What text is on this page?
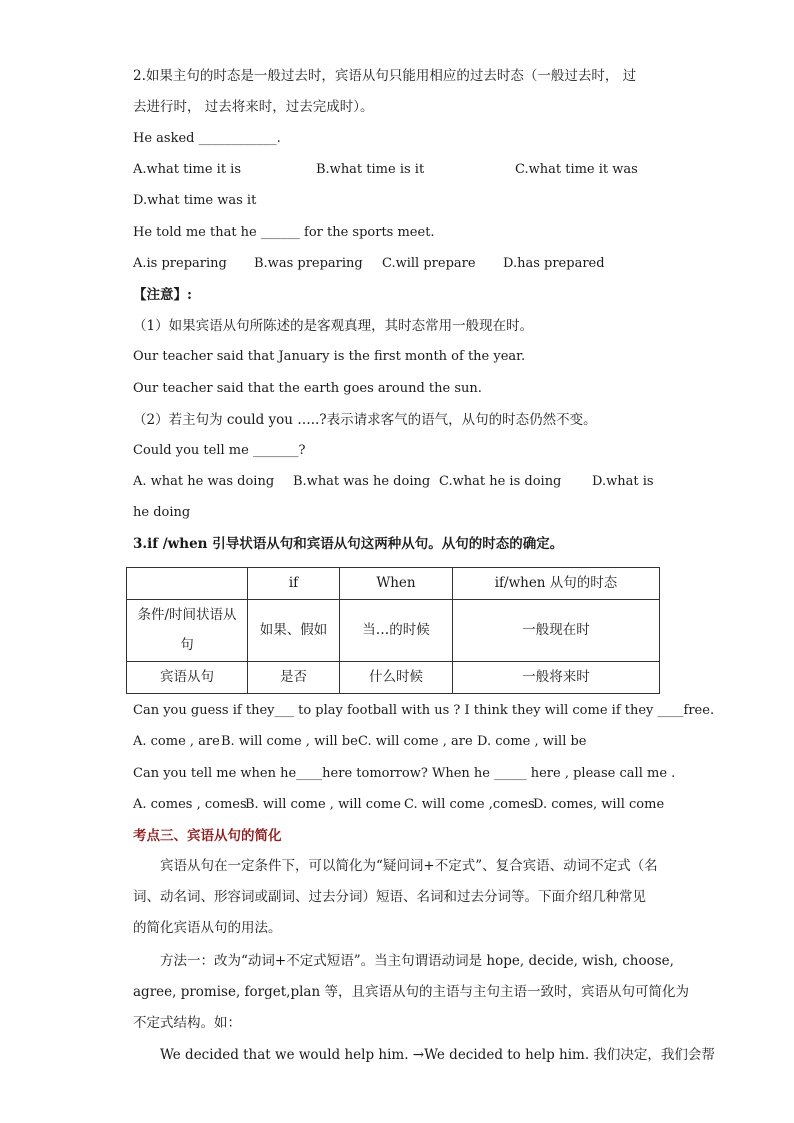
2.如果主句的时态是一般过去时，宾语从句只能用相应的过去时态（一般过去时， 过
去进行时， 过去将来时，过去完成时）。
He asked ____________.
A.what time it is	B.what time is it	C.what time it was
D.what time was it
He told me that he ______ for the sports meet.
A.is preparing B.was preparing C.will prepare D.has prepared
【注意】:
（1）如果宾语从句所陈述的是客观真理，其时态常用一般现在时。
Our teacher said that January is the first month of the year.
Our teacher said that the earth goes around the sun.
（2）若主句为 could you …..?表示请求客气的语气，从句的时态仍然不变。
Could you tell me _______?
A. what he was doing B.what was he doing C.what he is doing D.what is
he doing
3.if /when 引导状语从句和宾语从句这两种从句。从句的时态的确定。
	if	When	if/when 从句的时态

条件/时间状语从
句	如果、假如	当…的时候	一般现在时
宾语从句	是否	什么时候	一般将来时
Can you guess if they___ to play football with us ? I think they will come if they ____free.
A. come , are B. will come , will be C. will come , are D. come , will be
Can you tell me when he____here tomorrow? When he _____ here , please call me .
A. comes , comes
B. will come , will come C. will come ,comes
D. comes, will come
考点三、宾语从句的简化
宾语从句在一定条件下，可以简化为“疑问词+不定式”、复合宾语、动词不定式（名
词、动名词、形容词或副词、过去分词）短语、名词和过去分词等。下面介绍几种常见
的简化宾语从句的用法。
方法一：改为“动词+不定式短语”。当主句谓语动词是 hope, decide, wish, choose,
agree, promise, forget,plan 等，且宾语从句的主语与主句主语一致时，宾语从句可简化为
不定式结构。如：
We decided that we would help him. →We decided to help him. 我们决定，我们会帮
